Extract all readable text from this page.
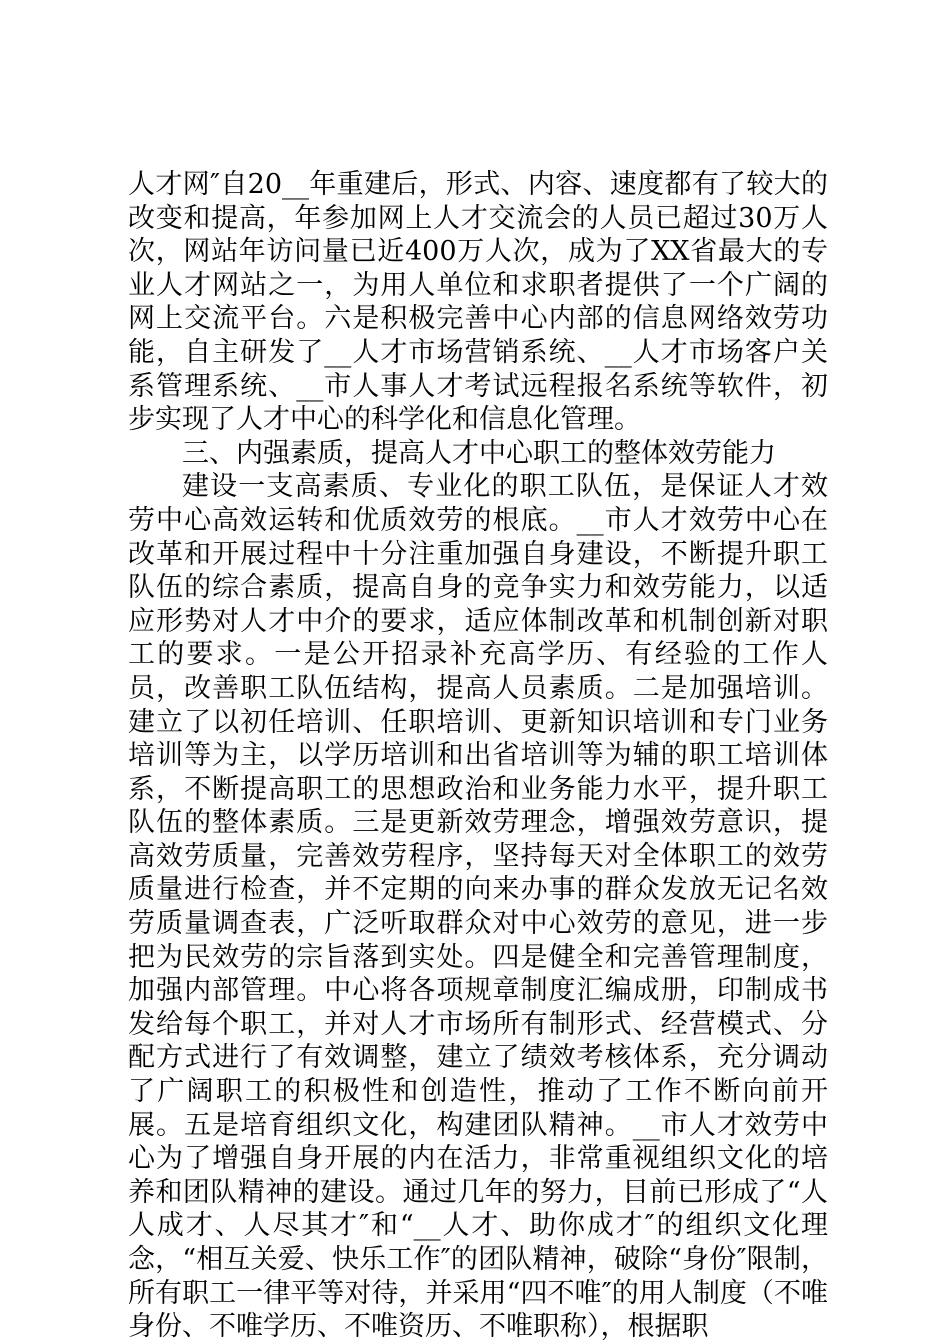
人才网″自20__年重建后，形式、内容、速度都有了较大的改变和提高，年参加网上人才交流会的人员已超过30万人次，网站年访问量已近400万人次，成为了XX省最大的专业人才网站之一，为用人单位和求职者提供了一个广阔的网上交流平台。六是积极完善中心内部的信息网络效劳功能，自主研发了__人才市场营销系统、__人才市场客户关系管理系统、__市人事人才考试远程报名系统等软件，初步实现了人才中心的科学化和信息化管理。

三、内强素质，提高人才中心职工的整体效劳能力

建设一支高素质、专业化的职工队伍，是保证人才效劳中心高效运转和优质效劳的根底。__市人才效劳中心在改革和开展过程中十分注重加强自身建设，不断提升职工队伍的综合素质，提高自身的竞争实力和效劳能力，以适应形势对人才中介的要求，适应体制改革和机制创新对职工的要求。一是公开招录补充高学历、有经验的工作人员，改善职工队伍结构，提高人员素质。二是加强培训。建立了以初任培训、任职培训、更新知识培训和专门业务培训等为主，以学历培训和出省培训等为辅的职工培训体系，不断提高职工的思想政治和业务能力水平，提升职工队伍的整体素质。三是更新效劳理念，增强效劳意识，提高效劳质量，完善效劳程序，坚持每天对全体职工的效劳质量进行检查，并不定期的向来办事的群众发放无记名效劳质量调查表，广泛听取群众对中心效劳的意见，进一步把为民效劳的宗旨落到实处。四是健全和完善管理制度，加强内部管理。中心将各项规章制度汇编成册，印制成书发给每个职工，并对人才市场所有制形式、经营模式、分配方式进行了有效调整，建立了绩效考核体系，充分调动了广阔职工的积极性和创造性，推动了工作不断向前开展。五是培育组织文化，构建团队精神。__市人才效劳中心为了增强自身开展的内在活力，非常重视组织文化的培养和团队精神的建设。通过几年的努力，目前已形成了“人人成才、人尽其才″和“__人才、助你成才″的组织文化理念，“相互关爱、快乐工作″的团队精神，破除“身份″限制，所有职工一律平等对待，并采用“四不唯″的用人制度（不唯身份、不唯学历、不唯资历、不唯职称），根据职
